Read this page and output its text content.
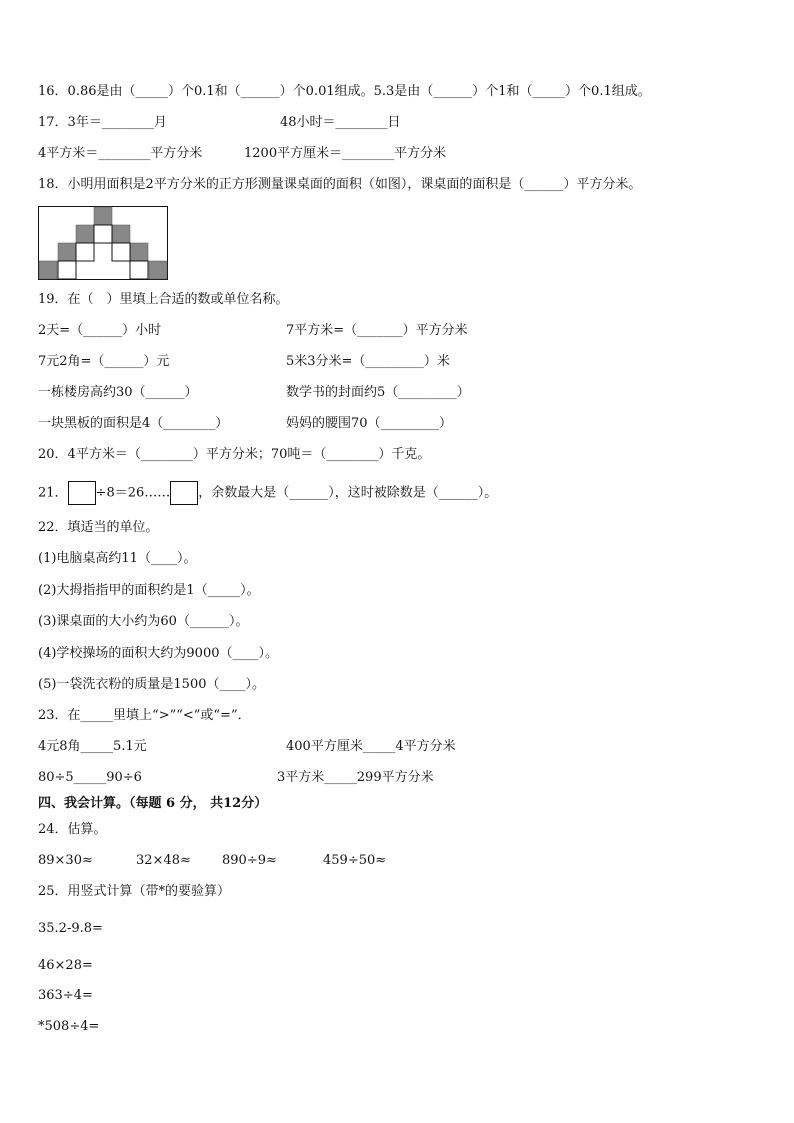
16．0.86是由（_____）个0.1和（______）个0.01组成。5.3是由（______）个1和（_____）个0.1组成。
17．3年＝________月	48小时＝________日
4平方米＝________平方分米	1200平方厘米＝________平方分米
18．小明用面积是2平方分米的正方形测量课桌面的面积（如图），课桌面的面积是（______）平方分米。
19．在（　）里填上合适的数或单位名称。
2天=（______）小时	7平方米=（_______）平方分米
7元2角=（______）元	5米3分米=（_________）米
一栋楼房高约30（______）	数学书的封面约5（_________）
一块黑板的面积是4（________）	妈妈的腰围70（_________）
20．4平方米＝（________）平方分米；70吨＝（________）千克。
21． ÷8＝26…… ，余数最大是（______），这时被除数是（______）。
22．填适当的单位。
(1)电脑桌高约11（____）。
(2)大拇指指甲的面积约是1（_____）。
(3)课桌面的大小约为60（______）。
(4)学校操场的面积大约为9000（____）。
(5)一袋洗衣粉的质量是1500（____）。
23．在_____里填上“>”“<”或“=”．
4元8角_____5.1元	400平方厘米_____4平方分米
80÷5_____90÷6	3平方米_____299平方分米
四、我会计算。（每题 6 分， 共12分）
24．估算。
89×30≈	32×48≈ 890÷9≈	459÷50≈
25．用竖式计算（带*的要验算）
35.2-9.8=
46×28=
363÷4=
*508÷4=
